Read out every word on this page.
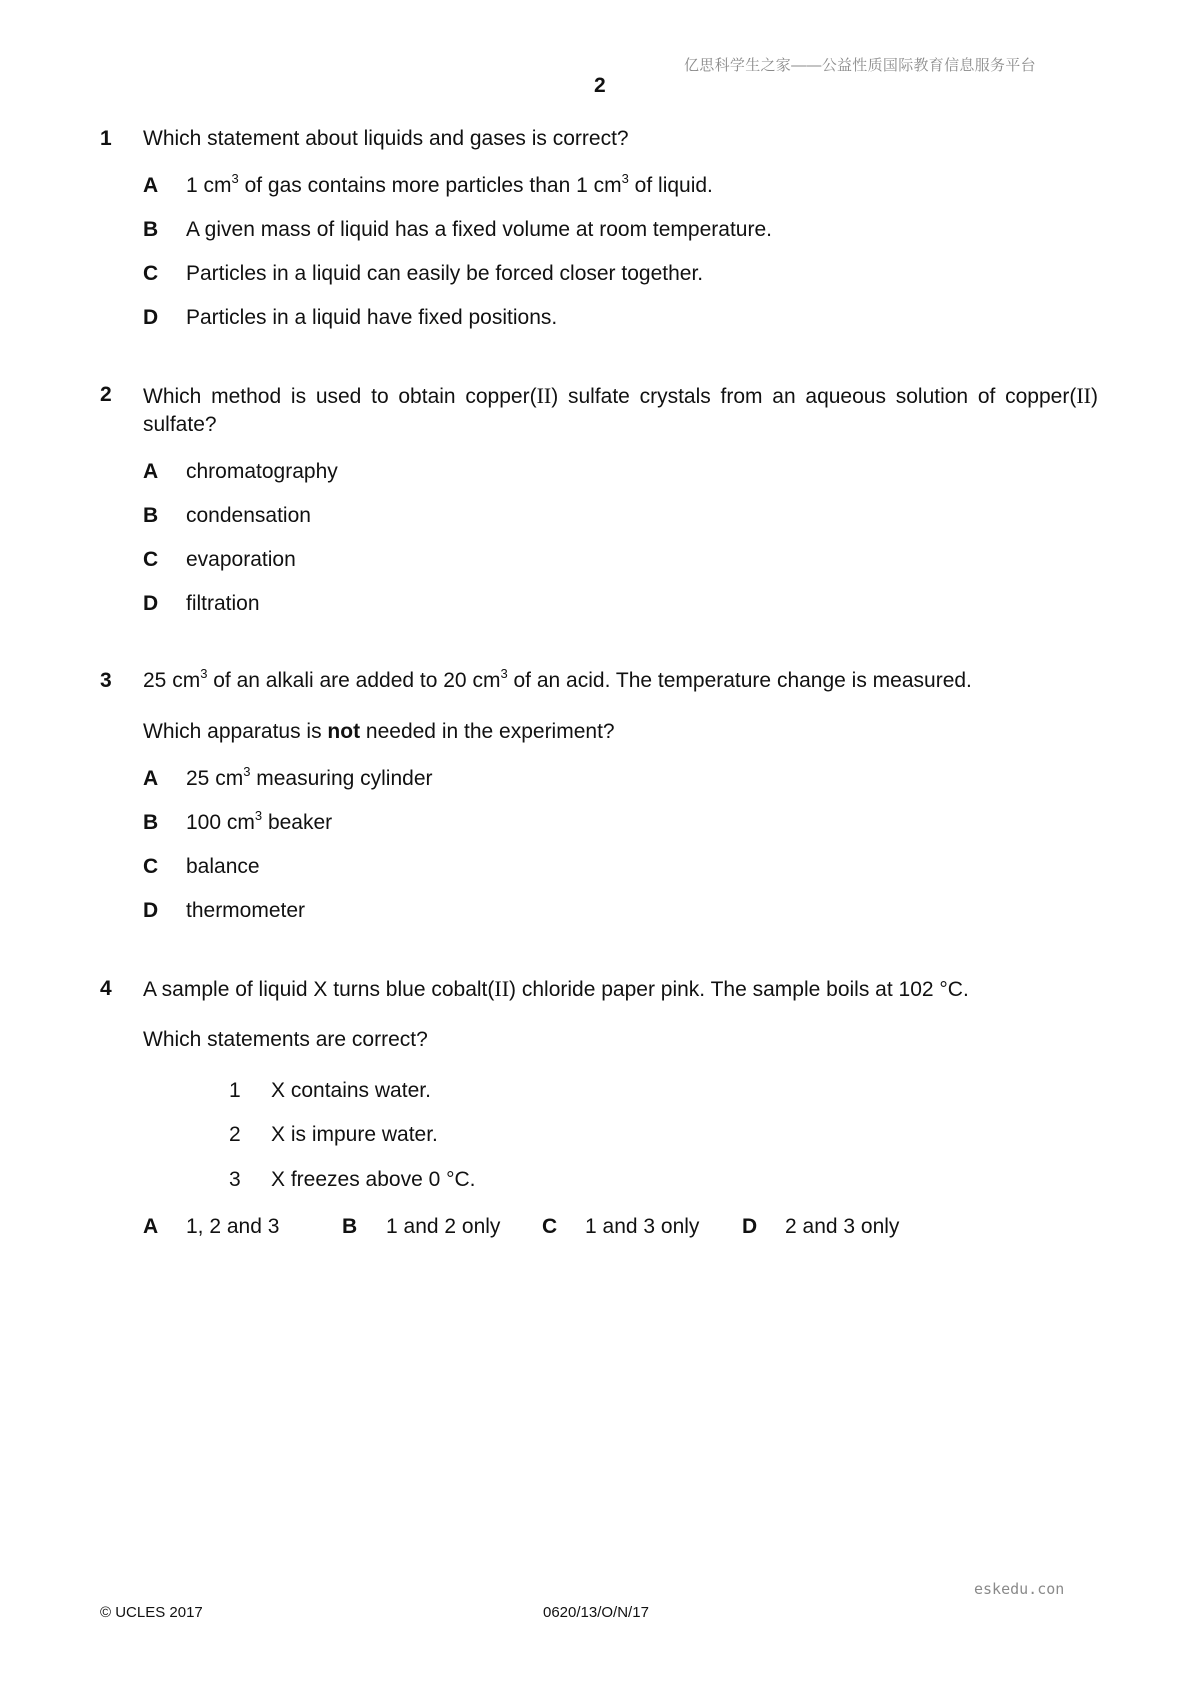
亿思科学生之家——公益性质国际教育信息服务平台
2
1 Which statement about liquids and gases is correct?
A 1 $cm^3$ of gas contains more particles than 1 $cm^3$ of liquid.
B A given mass of liquid has a fixed volume at room temperature.
C Particles in a liquid can easily be forced closer together.
D Particles in a liquid have fixed positions.
2 Which method is used to obtain copper(II) sulfate crystals from an aqueous solution of copper(II) sulfate?
A chromatography
B condensation
C evaporation
D filtration
3 25 $cm^3$ of an alkali are added to 20 $cm^3$ of an acid. The temperature change is measured.
Which apparatus is not needed in the experiment?
A 25 $cm^3$ measuring cylinder
B 100 $cm^3$ beaker
C balance
D thermometer
4 A sample of liquid X turns blue cobalt(II) chloride paper pink. The sample boils at 102 °C.
Which statements are correct?
1 X contains water.
2 X is impure water.
3 X freezes above 0 °C.
A 1, 2 and 3	B 1 and 2 only C 1 and 3 only D 2 and 3 only
eskedu.con
© UCLES 2017	0620/13/O/N/17
